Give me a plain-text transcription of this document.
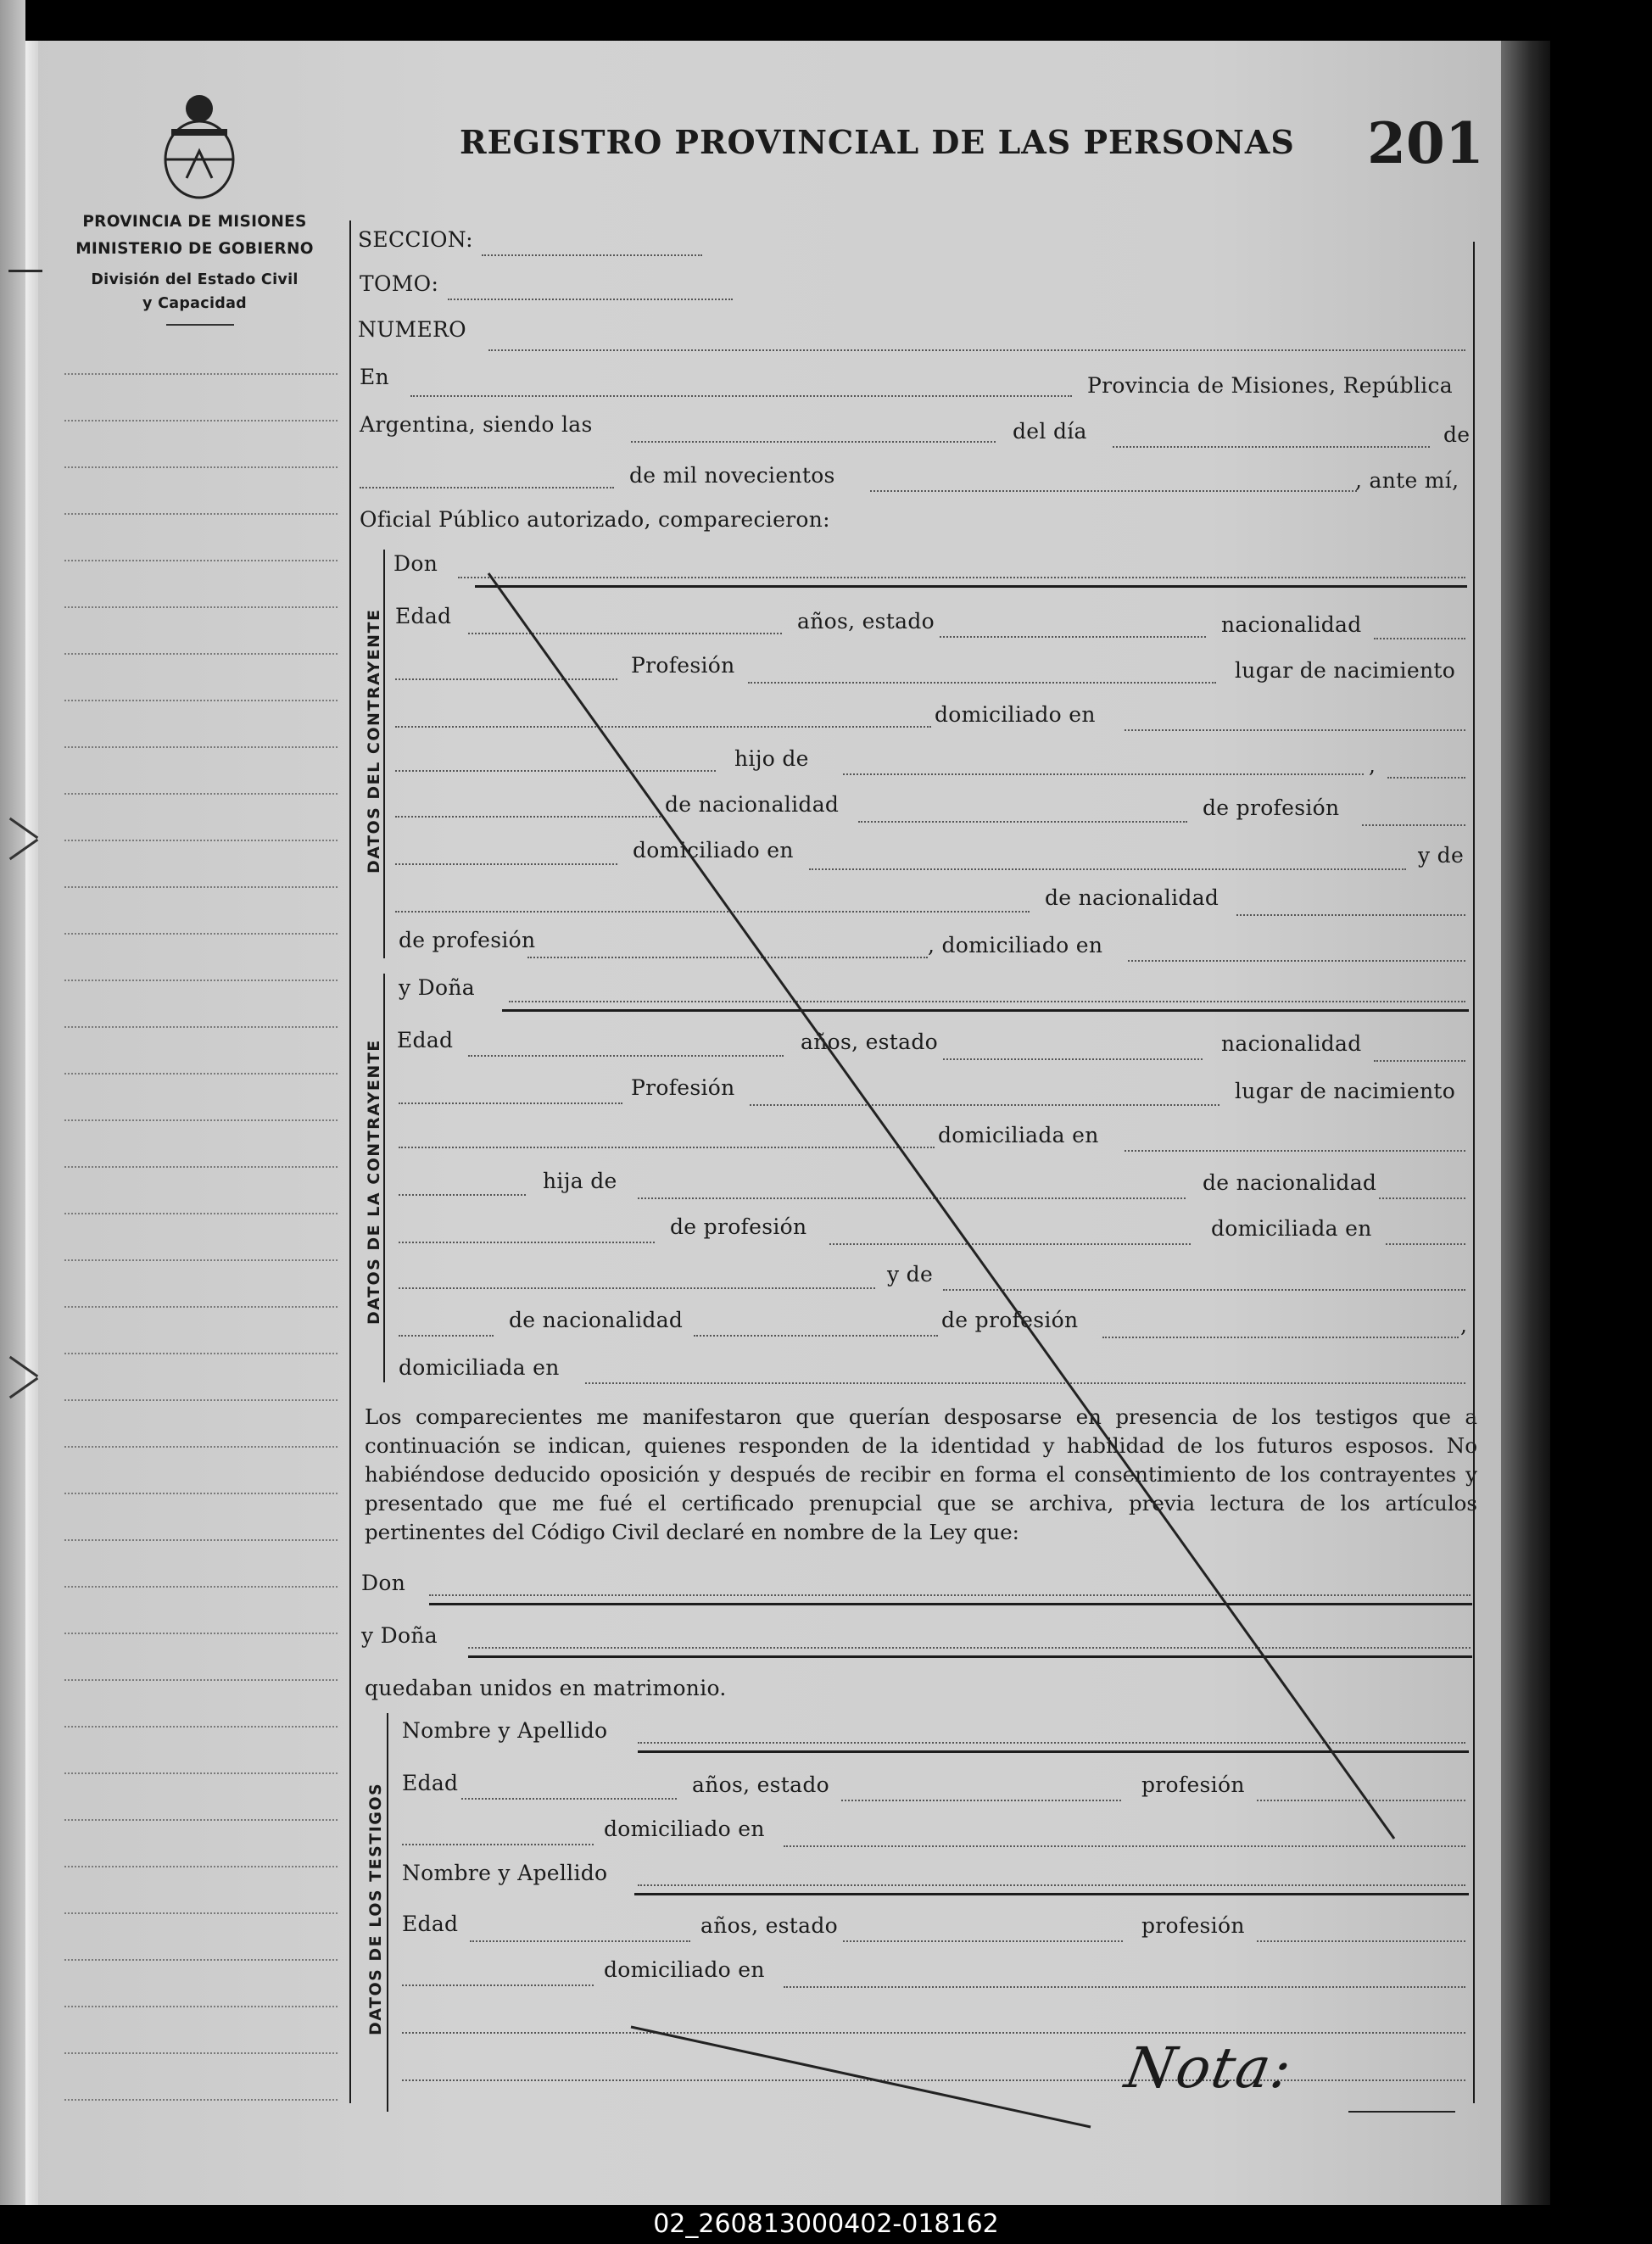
PROVINCIA DE MISIONES
MINISTERIO DE GOBIERNO
División del Estado Civil
y Capacidad
REGISTRO PROVINCIAL DE LAS PERSONAS 201
SECCION:
TOMO:
NUMERO
En	Provincia de Misiones, República
Argentina, siendo las	del día	de
de mil novecientos	, ante mí,
Oficial Público autorizado, comparecieron:
DATOS DEL CONTRAYENTE
Don
Edad	años, estado	nacionalidad
Profesión	lugar de nacimiento
domiciliado en
hijo de	,
de nacionalidad	de profesión
domiciliado en	y de
de nacionalidad
de profesión	, domiciliado en
DATOS DE LA CONTRAYENTE
y Doña
Edad	años, estado	nacionalidad
Profesión	lugar de nacimiento
domiciliada en
hija de	de nacionalidad
de profesión	domiciliada en
y de
de nacionalidad	de profesión	,
domiciliada en

Los comparecientes me manifestaron que querían desposarse en presencia de los testigos que a continuación se indican, quienes responden de la identidad y habilidad de los futuros esposos. No habiéndose deducido oposición y después de recibir en forma el consentimiento de los contrayentes y presentado que me fué el certificado prenupcial que se archiva, previa lectura de los artículos pertinentes del Código Civil declaré en nombre de la Ley que:

Don
y Doña
quedaban unidos en matrimonio.
DATOS DE LOS TESTIGOS
Nombre y Apellido
Edad	años, estado	profesión
domiciliado en
Nombre y Apellido
Edad	años, estado	profesión
domiciliado en
Nota:
02_260813000402-018162
